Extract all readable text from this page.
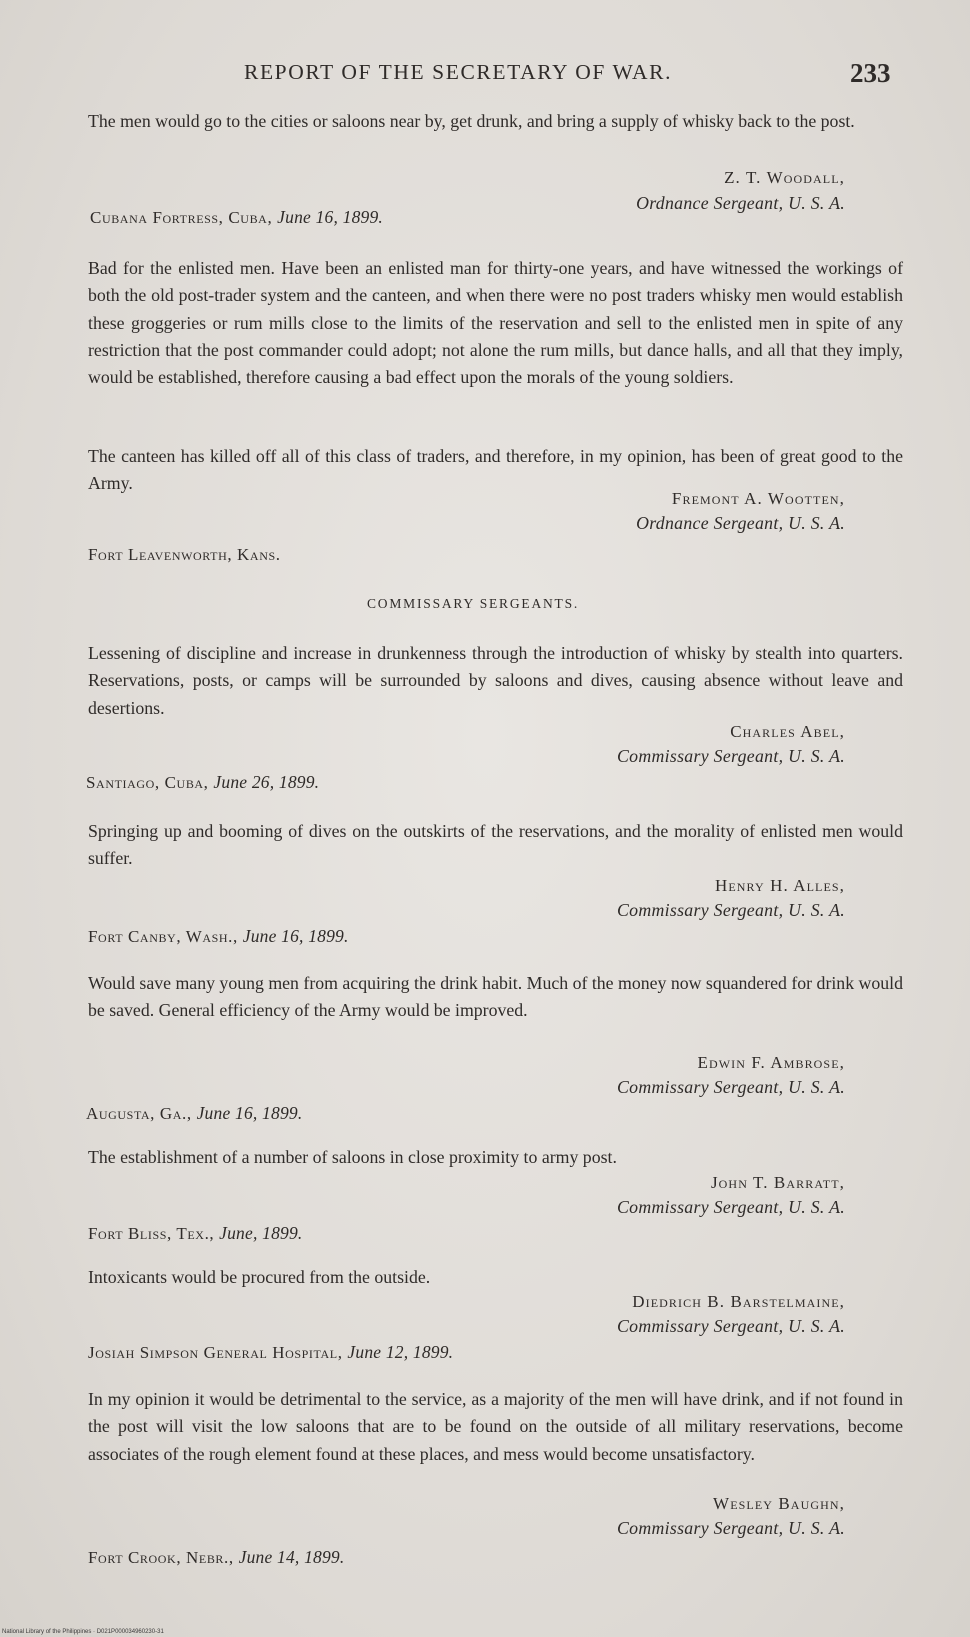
REPORT OF THE SECRETARY OF WAR.	233
The men would go to the cities or saloons near by, get drunk, and bring a supply of whisky back to the post.
Z. T. Woodall,
Ordnance Sergeant, U. S. A.
Cubana Fortress, Cuba, June 16, 1899.
Bad for the enlisted men. Have been an enlisted man for thirty-one years, and have witnessed the workings of both the old post-trader system and the canteen, and when there were no post traders whisky men would establish these groggeries or rum mills close to the limits of the reservation and sell to the enlisted men in spite of any restriction that the post commander could adopt; not alone the rum mills, but dance halls, and all that they imply, would be established, therefore causing a bad effect upon the morals of the young soldiers.
The canteen has killed off all of this class of traders, and therefore, in my opinion, has been of great good to the Army.
Fremont A. Wootten,
Ordnance Sergeant, U. S. A.
Fort Leavenworth, Kans.
COMMISSARY SERGEANTS.
Lessening of discipline and increase in drunkenness through the introduction of whisky by stealth into quarters. Reservations, posts, or camps will be surrounded by saloons and dives, causing absence without leave and desertions.
Charles Abel,
Commissary Sergeant, U. S. A.
Santiago, Cuba, June 26, 1899.
Springing up and booming of dives on the outskirts of the reservations, and the morality of enlisted men would suffer.
Henry H. Alles,
Commissary Sergeant, U. S. A.
Fort Canby, Wash., June 16, 1899.
Would save many young men from acquiring the drink habit. Much of the money now squandered for drink would be saved. General efficiency of the Army would be improved.
Edwin F. Ambrose,
Commissary Sergeant, U. S. A.
Augusta, Ga., June 16, 1899.
The establishment of a number of saloons in close proximity to army post.
John T. Barratt,
Commissary Sergeant, U. S. A.
Fort Bliss, Tex., June, 1899.
Intoxicants would be procured from the outside.
Diedrich B. Barstelmaine,
Commissary Sergeant, U. S. A.
Josiah Simpson General Hospital, June 12, 1899.
In my opinion it would be detrimental to the service, as a majority of the men will have drink, and if not found in the post will visit the low saloons that are to be found on the outside of all military reservations, become associates of the rough element found at these places, and mess would become unsatisfactory.
Wesley Baughn,
Commissary Sergeant, U. S. A.
Fort Crook, Nebr., June 14, 1899.
National Library of the Philippines · D021P000034960230-31
